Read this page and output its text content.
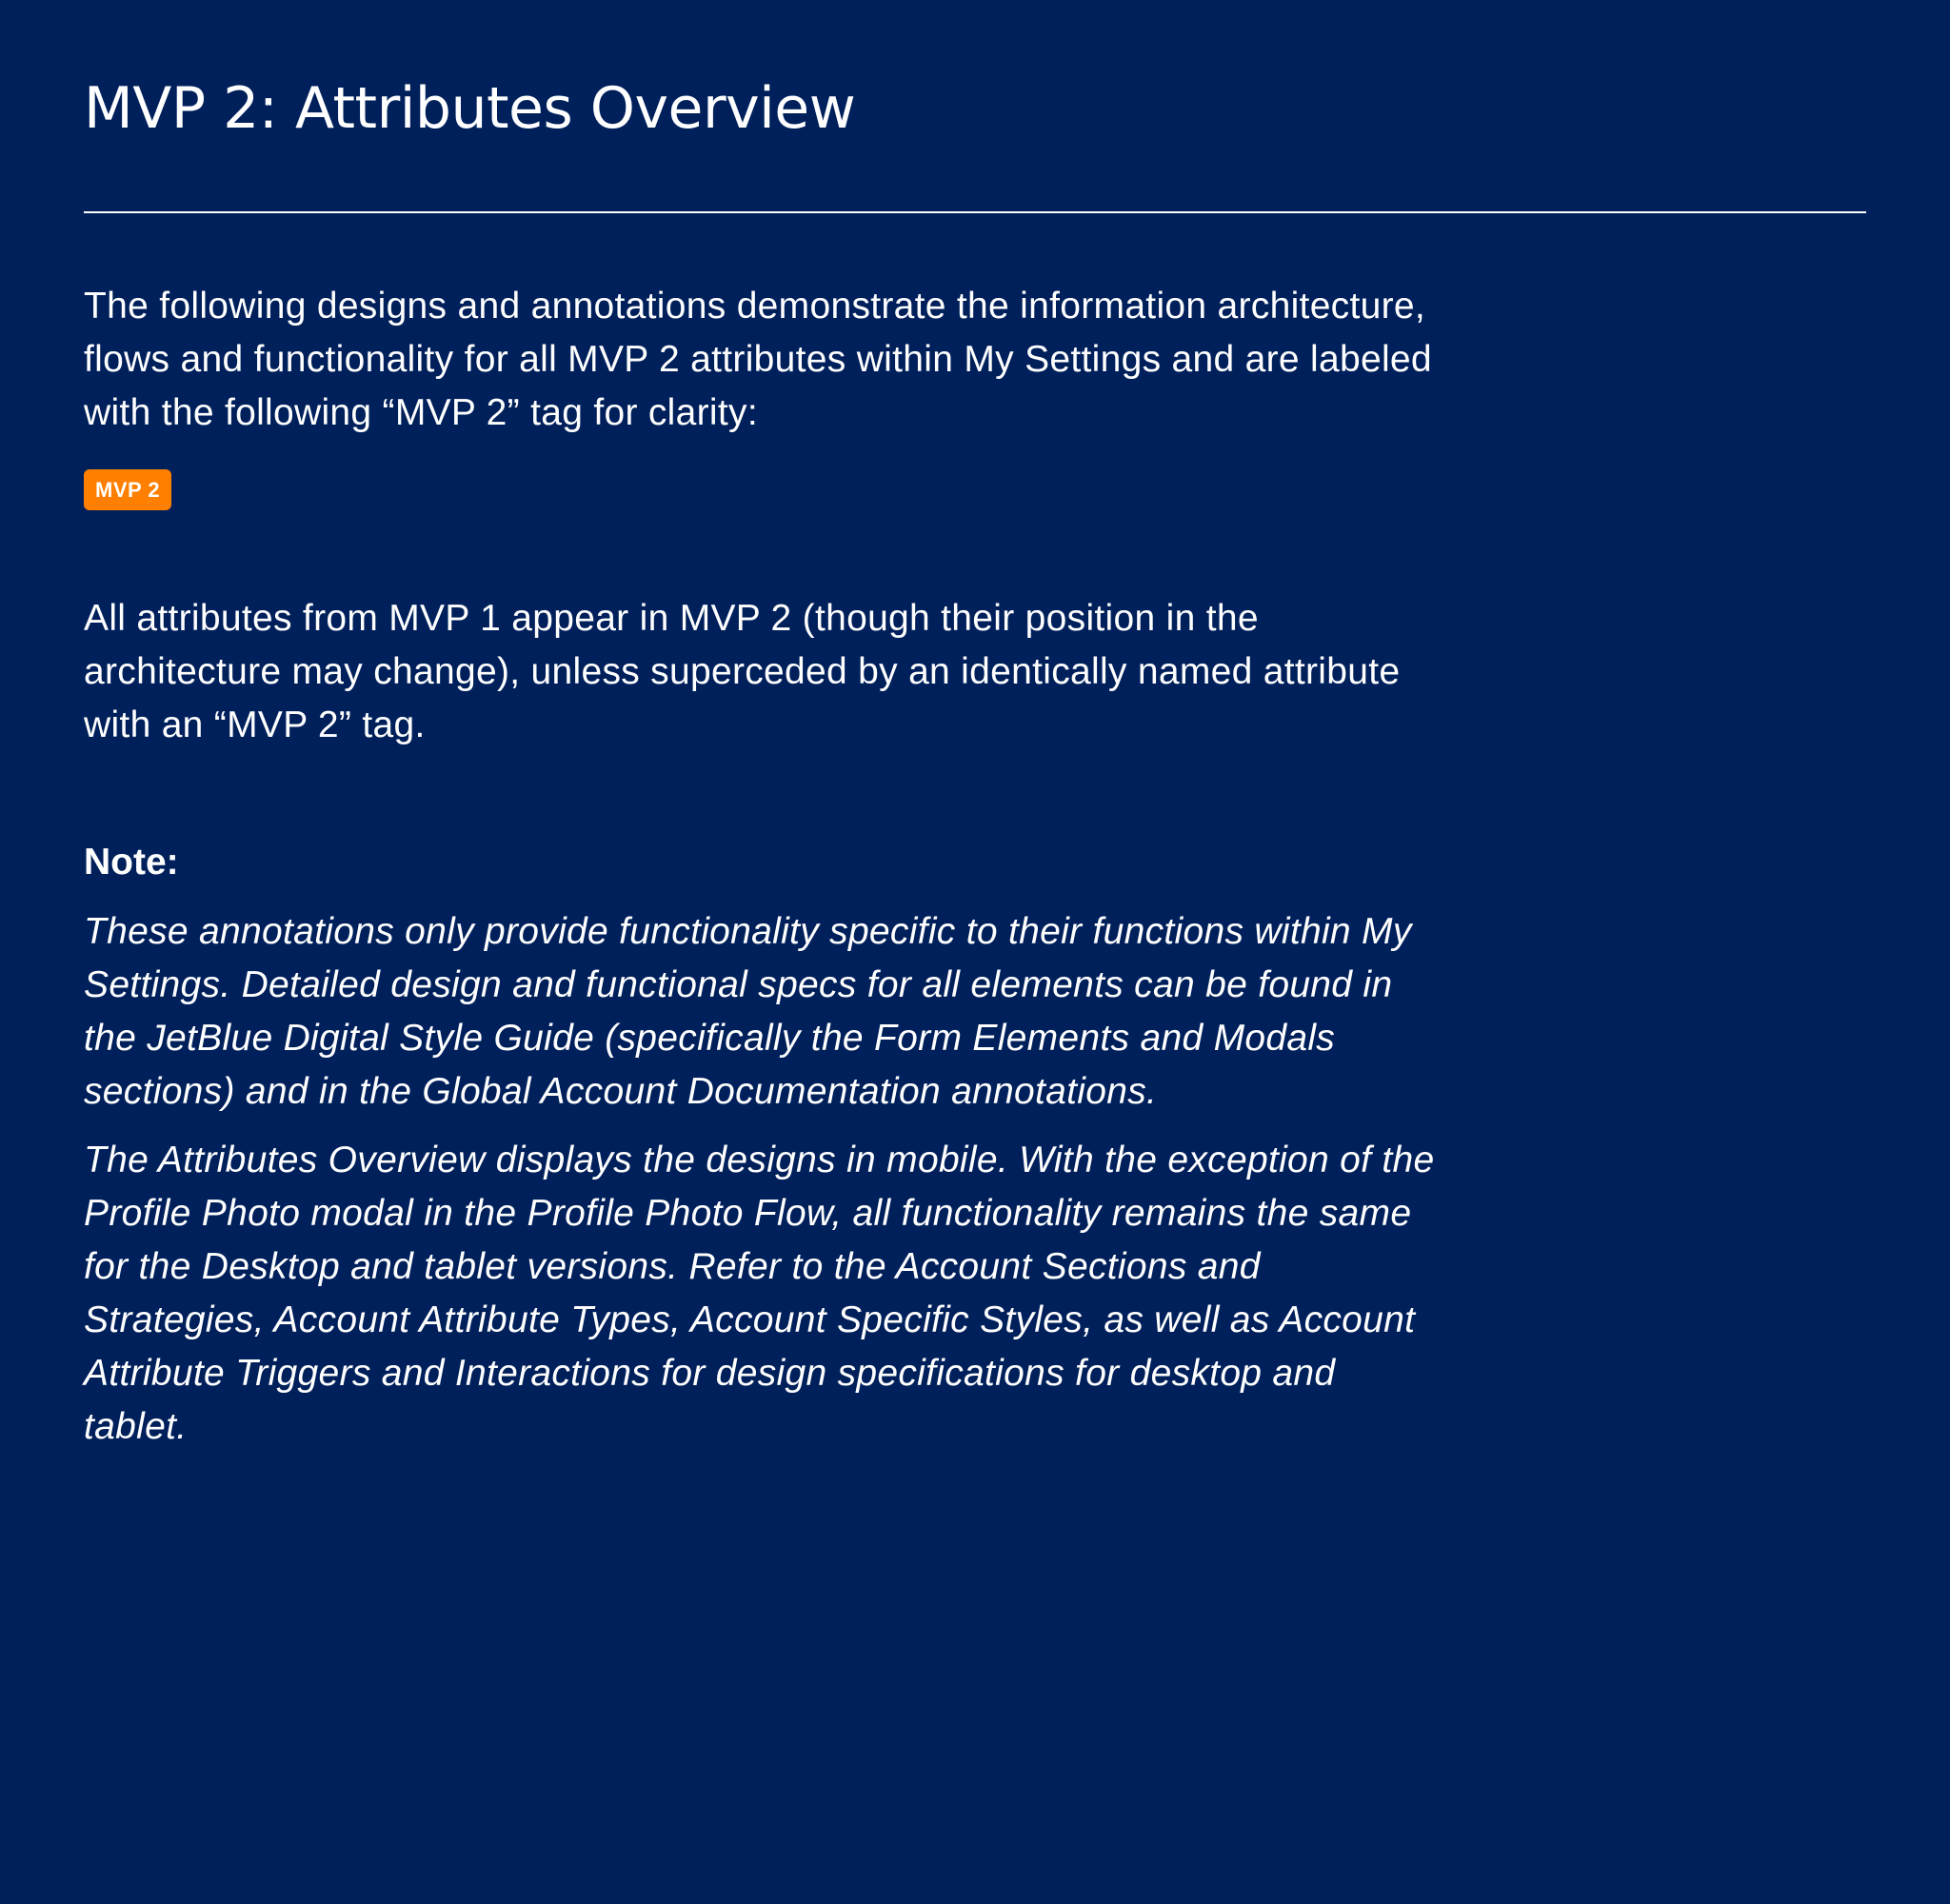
MVP 2: Attributes Overview

The following designs and annotations demonstrate the information architecture, flows and functionality for all MVP 2 attributes within My Settings and are labeled with the following “MVP 2” tag for clarity:

MVP 2

All attributes from MVP 1 appear in MVP 2 (though their position in the architecture may change), unless superceded by an identically named attribute with an “MVP 2” tag.

Note:

These annotations only provide functionality specific to their functions within My Settings. Detailed design and functional specs for all elements can be found in the JetBlue Digital Style Guide (specifically the Form Elements and Modals sections) and in the Global Account Documentation annotations.

The Attributes Overview displays the designs in mobile. With the exception of the Profile Photo modal in the Profile Photo Flow, all functionality remains the same for the Desktop and tablet versions. Refer to the Account Sections and Strategies, Account Attribute Types, Account Specific Styles, as well as Account Attribute Triggers and Interactions for design specifications for desktop and tablet.
